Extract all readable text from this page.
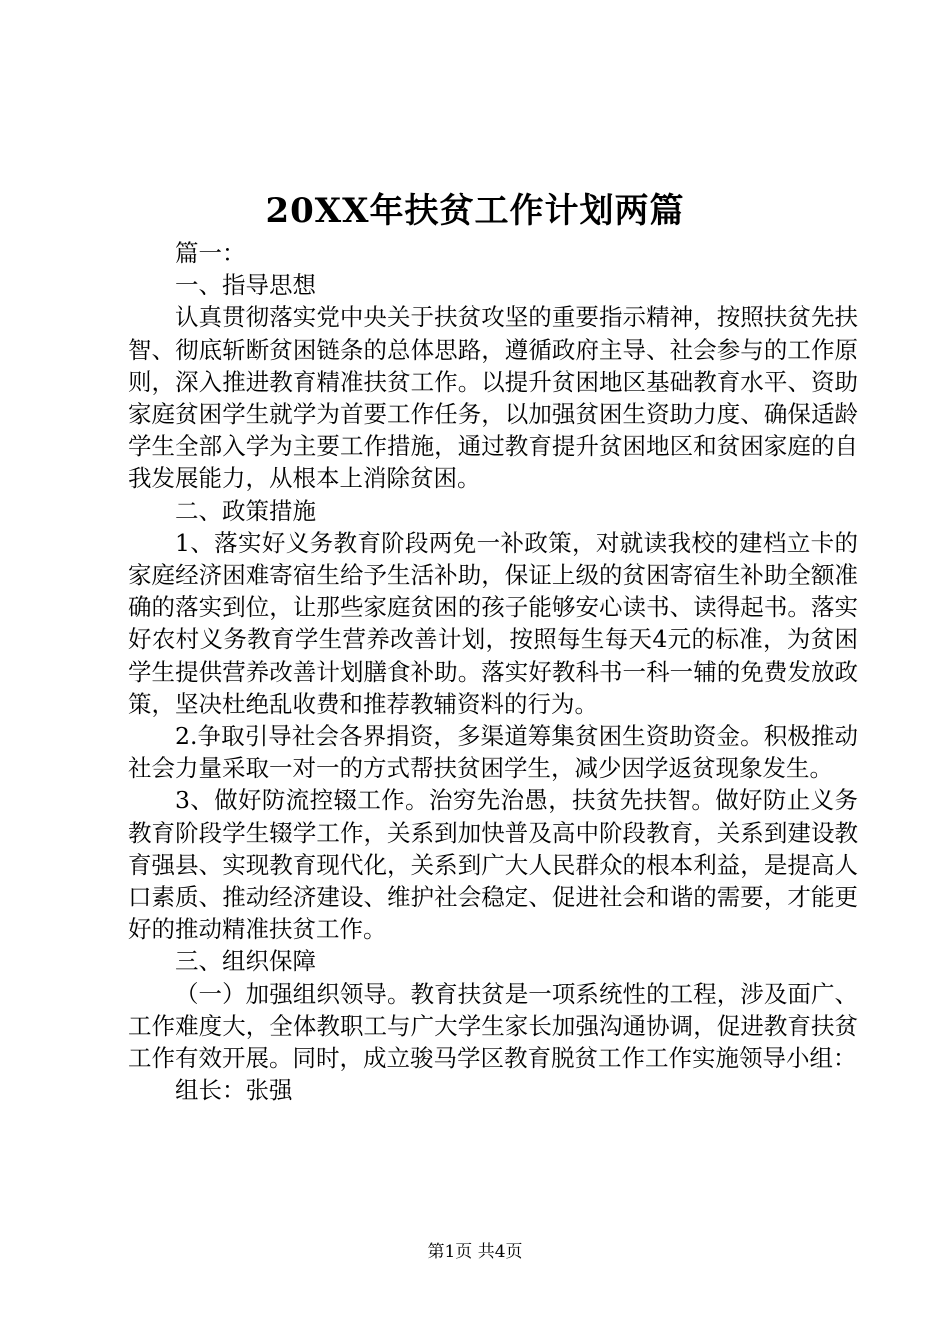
20XX年扶贫工作计划两篇

篇一：

一、指导思想

认真贯彻落实党中央关于扶贫攻坚的重要指示精神，按照扶贫先扶智、彻底斩断贫困链条的总体思路，遵循政府主导、社会参与的工作原则，深入推进教育精准扶贫工作。以提升贫困地区基础教育水平、资助家庭贫困学生就学为首要工作任务，以加强贫困生资助力度、确保适龄学生全部入学为主要工作措施，通过教育提升贫困地区和贫困家庭的自我发展能力，从根本上消除贫困。

二、政策措施

1、落实好义务教育阶段两免一补政策，对就读我校的建档立卡的家庭经济困难寄宿生给予生活补助，保证上级的贫困寄宿生补助全额准确的落实到位，让那些家庭贫困的孩子能够安心读书、读得起书。落实好农村义务教育学生营养改善计划，按照每生每天4元的标准，为贫困学生提供营养改善计划膳食补助。落实好教科书一科一辅的免费发放政策，坚决杜绝乱收费和推荐教辅资料的行为。

2.争取引导社会各界捐资，多渠道筹集贫困生资助资金。积极推动社会力量采取一对一的方式帮扶贫困学生，减少因学返贫现象发生。

3、做好防流控辍工作。治穷先治愚，扶贫先扶智。做好防止义务教育阶段学生辍学工作，关系到加快普及高中阶段教育，关系到建设教育强县、实现教育现代化，关系到广大人民群众的根本利益，是提高人口素质、推动经济建设、维护社会稳定、促进社会和谐的需要，才能更好的推动精准扶贫工作。

三、组织保障

（一）加强组织领导。教育扶贫是一项系统性的工程，涉及面广、工作难度大，全体教职工与广大学生家长加强沟通协调，促进教育扶贫工作有效开展。同时，成立骏马学区教育脱贫工作工作实施领导小组：

组长：张强

第1页 共4页
